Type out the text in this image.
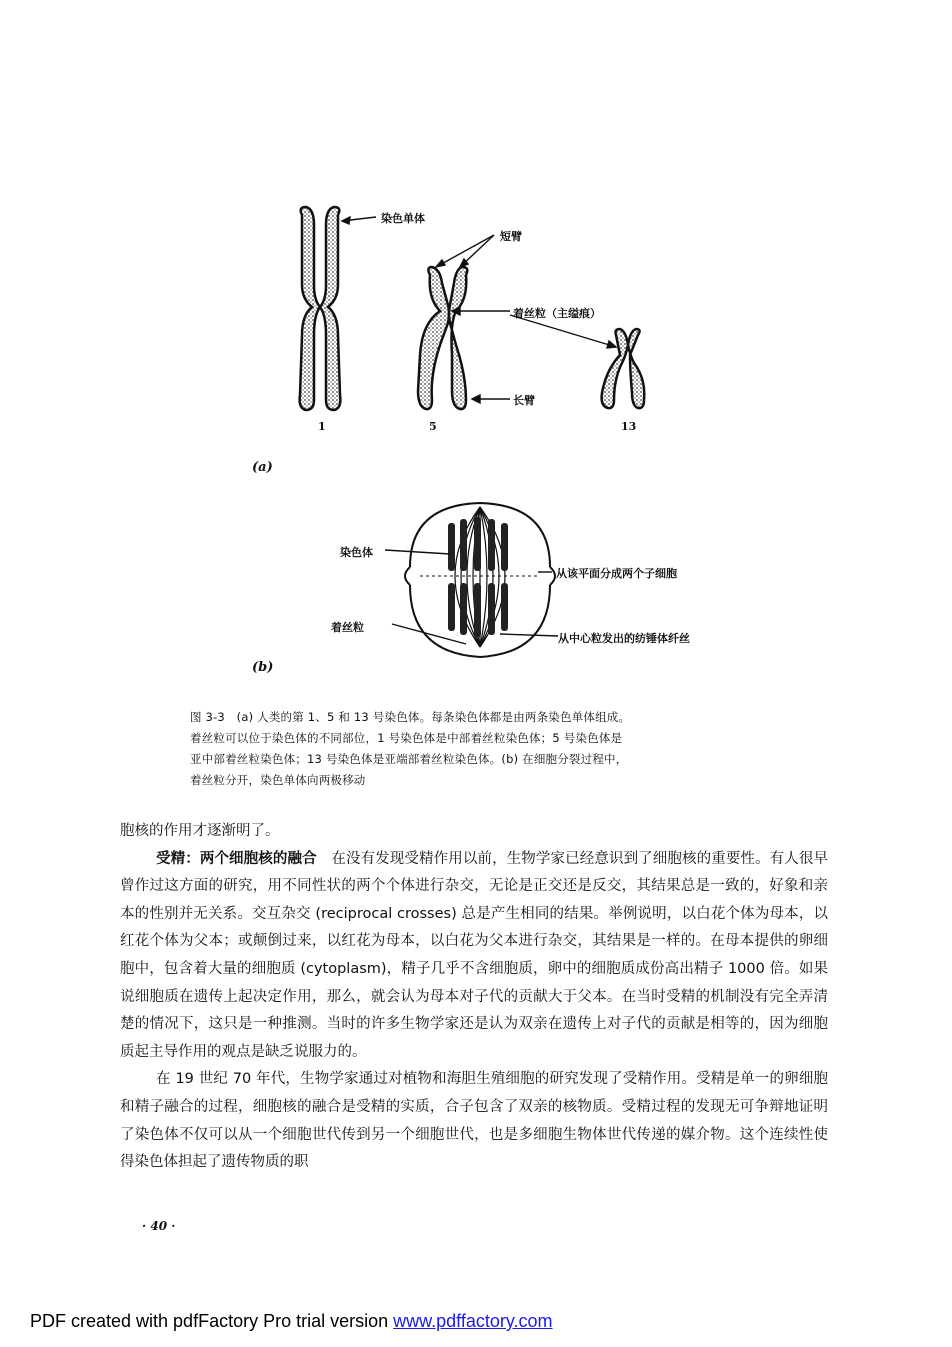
染色单体
短臂
着丝粒（主缢痕）
长臂
1	5	13
(a)
染色体
从该平面分成两个子细胞
着丝粒
从中心粒发出的纺锤体纤丝
(b)

图 3-3　(a) 人类的第 1、5 和 13 号染色体。每条染色体都是由两条染色单体组成。

着丝粒可以位于染色体的不同部位，1 号染色体是中部着丝粒染色体；5 号染色体是

亚中部着丝粒染色体；13 号染色体是亚端部着丝粒染色体。(b) 在细胞分裂过程中，

着丝粒分开，染色单体向两极移动

胞核的作用才逐渐明了。

受精：两个细胞核的融合　在没有发现受精作用以前，生物学家已经意识到了细胞核的重要性。有人很早曾作过这方面的研究，用不同性状的两个个体进行杂交，无论是正交还是反交，其结果总是一致的，好象和亲本的性别并无关系。交互杂交 (reciprocal crosses) 总是产生相同的结果。举例说明，以白花个体为母本，以红花个体为父本；或颠倒过来，以红花为母本，以白花为父本进行杂交，其结果是一样的。在母本提供的卵细胞中，包含着大量的细胞质 (cytoplasm)，精子几乎不含细胞质，卵中的细胞质成份高出精子 1000 倍。如果说细胞质在遗传上起决定作用，那么，就会认为母本对子代的贡献大于父本。在当时受精的机制没有完全弄清楚的情况下，这只是一种推测。当时的许多生物学家还是认为双亲在遗传上对子代的贡献是相等的，因为细胞质起主导作用的观点是缺乏说服力的。

在 19 世纪 70 年代，生物学家通过对植物和海胆生殖细胞的研究发现了受精作用。受精是单一的卵细胞和精子融合的过程，细胞核的融合是受精的实质，合子包含了双亲的核物质。受精过程的发现无可争辩地证明了染色体不仅可以从一个细胞世代传到另一个细胞世代，也是多细胞生物体世代传递的媒介物。这个连续性使得染色体担起了遗传物质的职

· 40 ·
PDF created with pdfFactory Pro trial version www.pdffactory.com
